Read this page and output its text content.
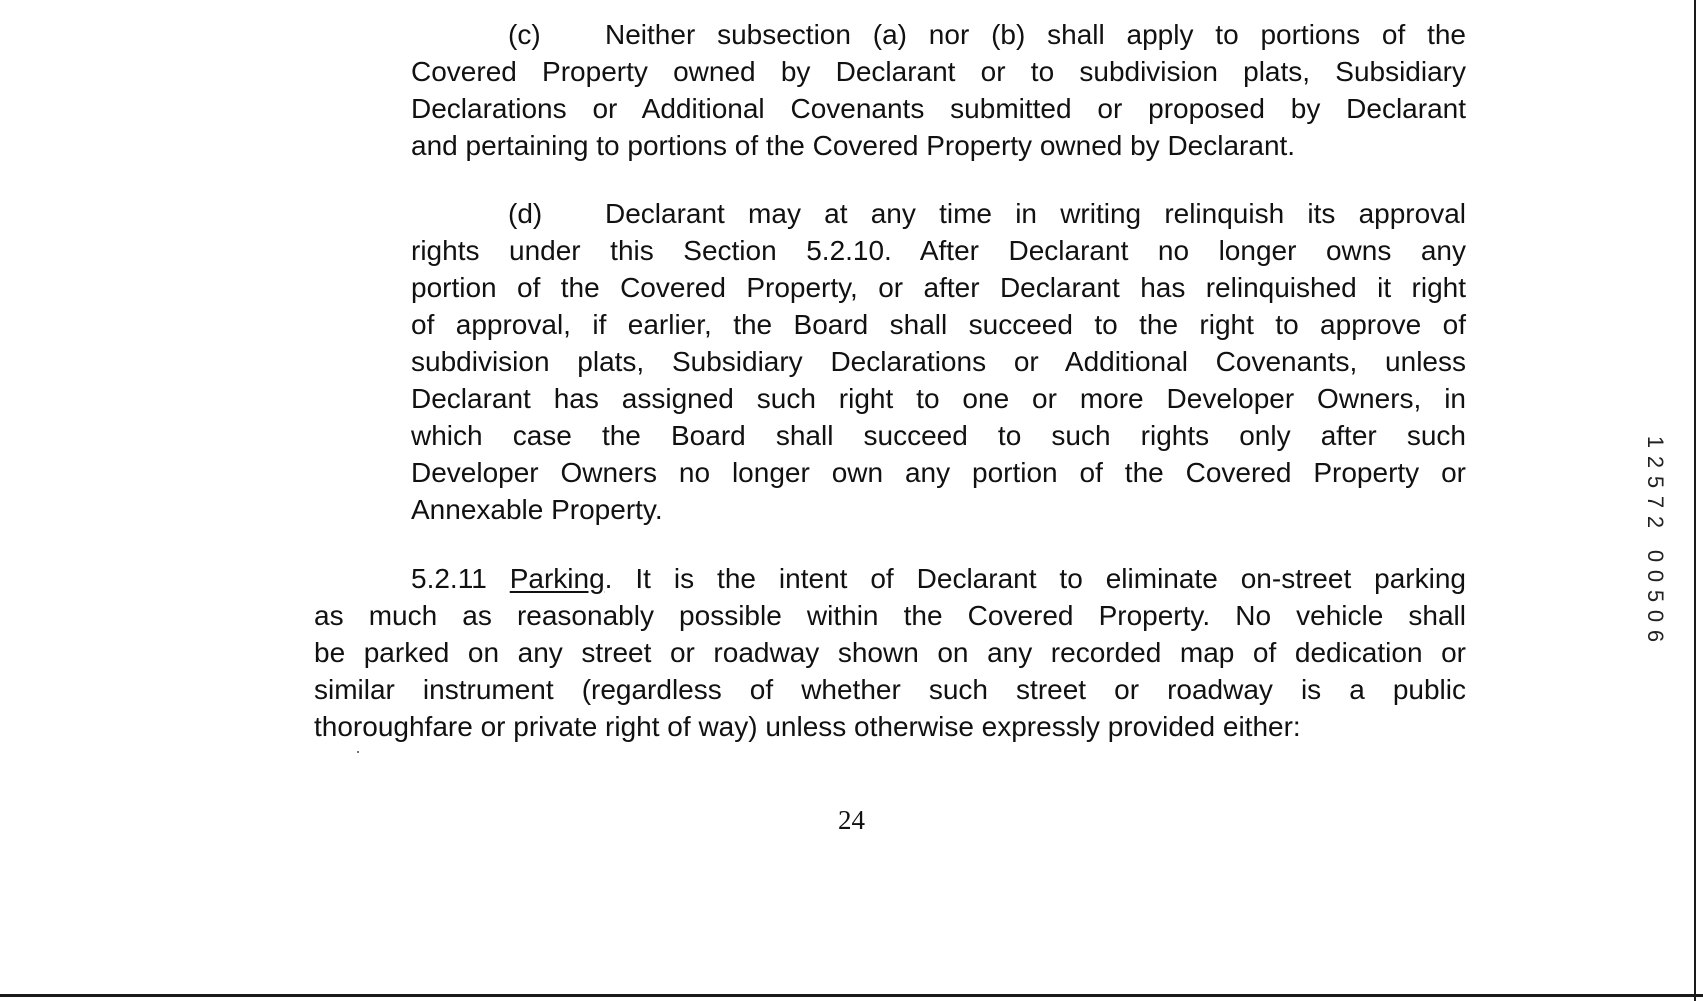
(c) Neither subsection (a) nor (b) shall apply to portions of the

Covered Property owned by Declarant or to subdivision plats, Subsidiary

Declarations or Additional Covenants submitted or proposed by Declarant

and pertaining to portions of the Covered Property owned by Declarant.

(d) Declarant may at any time in writing relinquish its approval

rights under this Section 5.2.10. After Declarant no longer owns any

portion of the Covered Property, or after Declarant has relinquished it right

of approval, if earlier, the Board shall succeed to the right to approve of

subdivision plats, Subsidiary Declarations or Additional Covenants, unless

Declarant has assigned such right to one or more Developer Owners, in

which case the Board shall succeed to such rights only after such

Developer Owners no longer own any portion of the Covered Property or

Annexable Property.

5.2.11 Parking. It is the intent of Declarant to eliminate on-street parking

as much as reasonably possible within the Covered Property. No vehicle shall

be parked on any street or roadway shown on any recorded map of dedication or

similar instrument (regardless of whether such street or roadway is a public

thoroughfare or private right of way) unless otherwise expressly provided either:

24
1
2
5
7
2
0
0
5
0
6
